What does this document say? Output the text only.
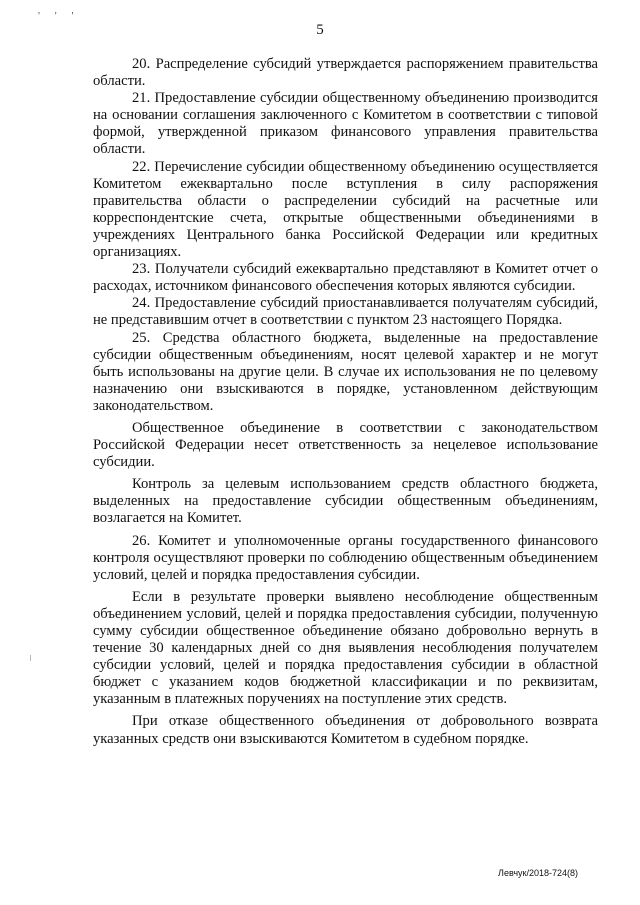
' ' '
5

20. Распределение субсидий утверждается распоряжением правительства области.

21. Предоставление субсидии общественному объединению производится на основании соглашения заключенного с Комитетом в соответствии с типовой формой, утвержденной приказом финансового управления правительства области.

22. Перечисление субсидии общественному объединению осуществляется Комитетом ежеквартально после вступления в силу распоряжения правительства области о распределении субсидий на расчетные или корреспондентские счета, открытые общественными объединениями в учреждениях Центрального банка Российской Федерации или кредитных организациях.

23. Получатели субсидий ежеквартально представляют в Комитет отчет о расходах, источником финансового обеспечения которых являются субсидии.

24. Предоставление субсидий приостанавливается получателям субсидий, не представившим отчет в соответствии с пунктом 23 настоящего Порядка.

25. Средства областного бюджета, выделенные на предоставление субсидии общественным объединениям, носят целевой характер и не могут быть использованы на другие цели. В случае их использования не по целевому назначению они взыскиваются в порядке, установленном действующим законодательством.

Общественное объединение в соответствии с законодательством Российской Федерации несет ответственность за нецелевое использование субсидии.

Контроль за целевым использованием средств областного бюджета, выделенных на предоставление субсидии общественным объединениям, возлагается на Комитет.

26. Комитет и уполномоченные органы государственного финансового контроля осуществляют проверки по соблюдению общественным объединением условий, целей и порядка предоставления субсидии.

Если в результате проверки выявлено несоблюдение общественным объединением условий, целей и порядка предоставления субсидии, полученную сумму субсидии общественное объединение обязано добровольно вернуть в течение 30 календарных дней со дня выявления несоблюдения получателем субсидии условий, целей и порядка предоставления субсидии в областной бюджет с указанием кодов бюджетной классификации и по реквизитам, указанным в платежных поручениях на поступление этих средств.

При отказе общественного объединения от добровольного возврата указанных средств они взыскиваются Комитетом в судебном порядке.

Левчук/2018-724(8)
